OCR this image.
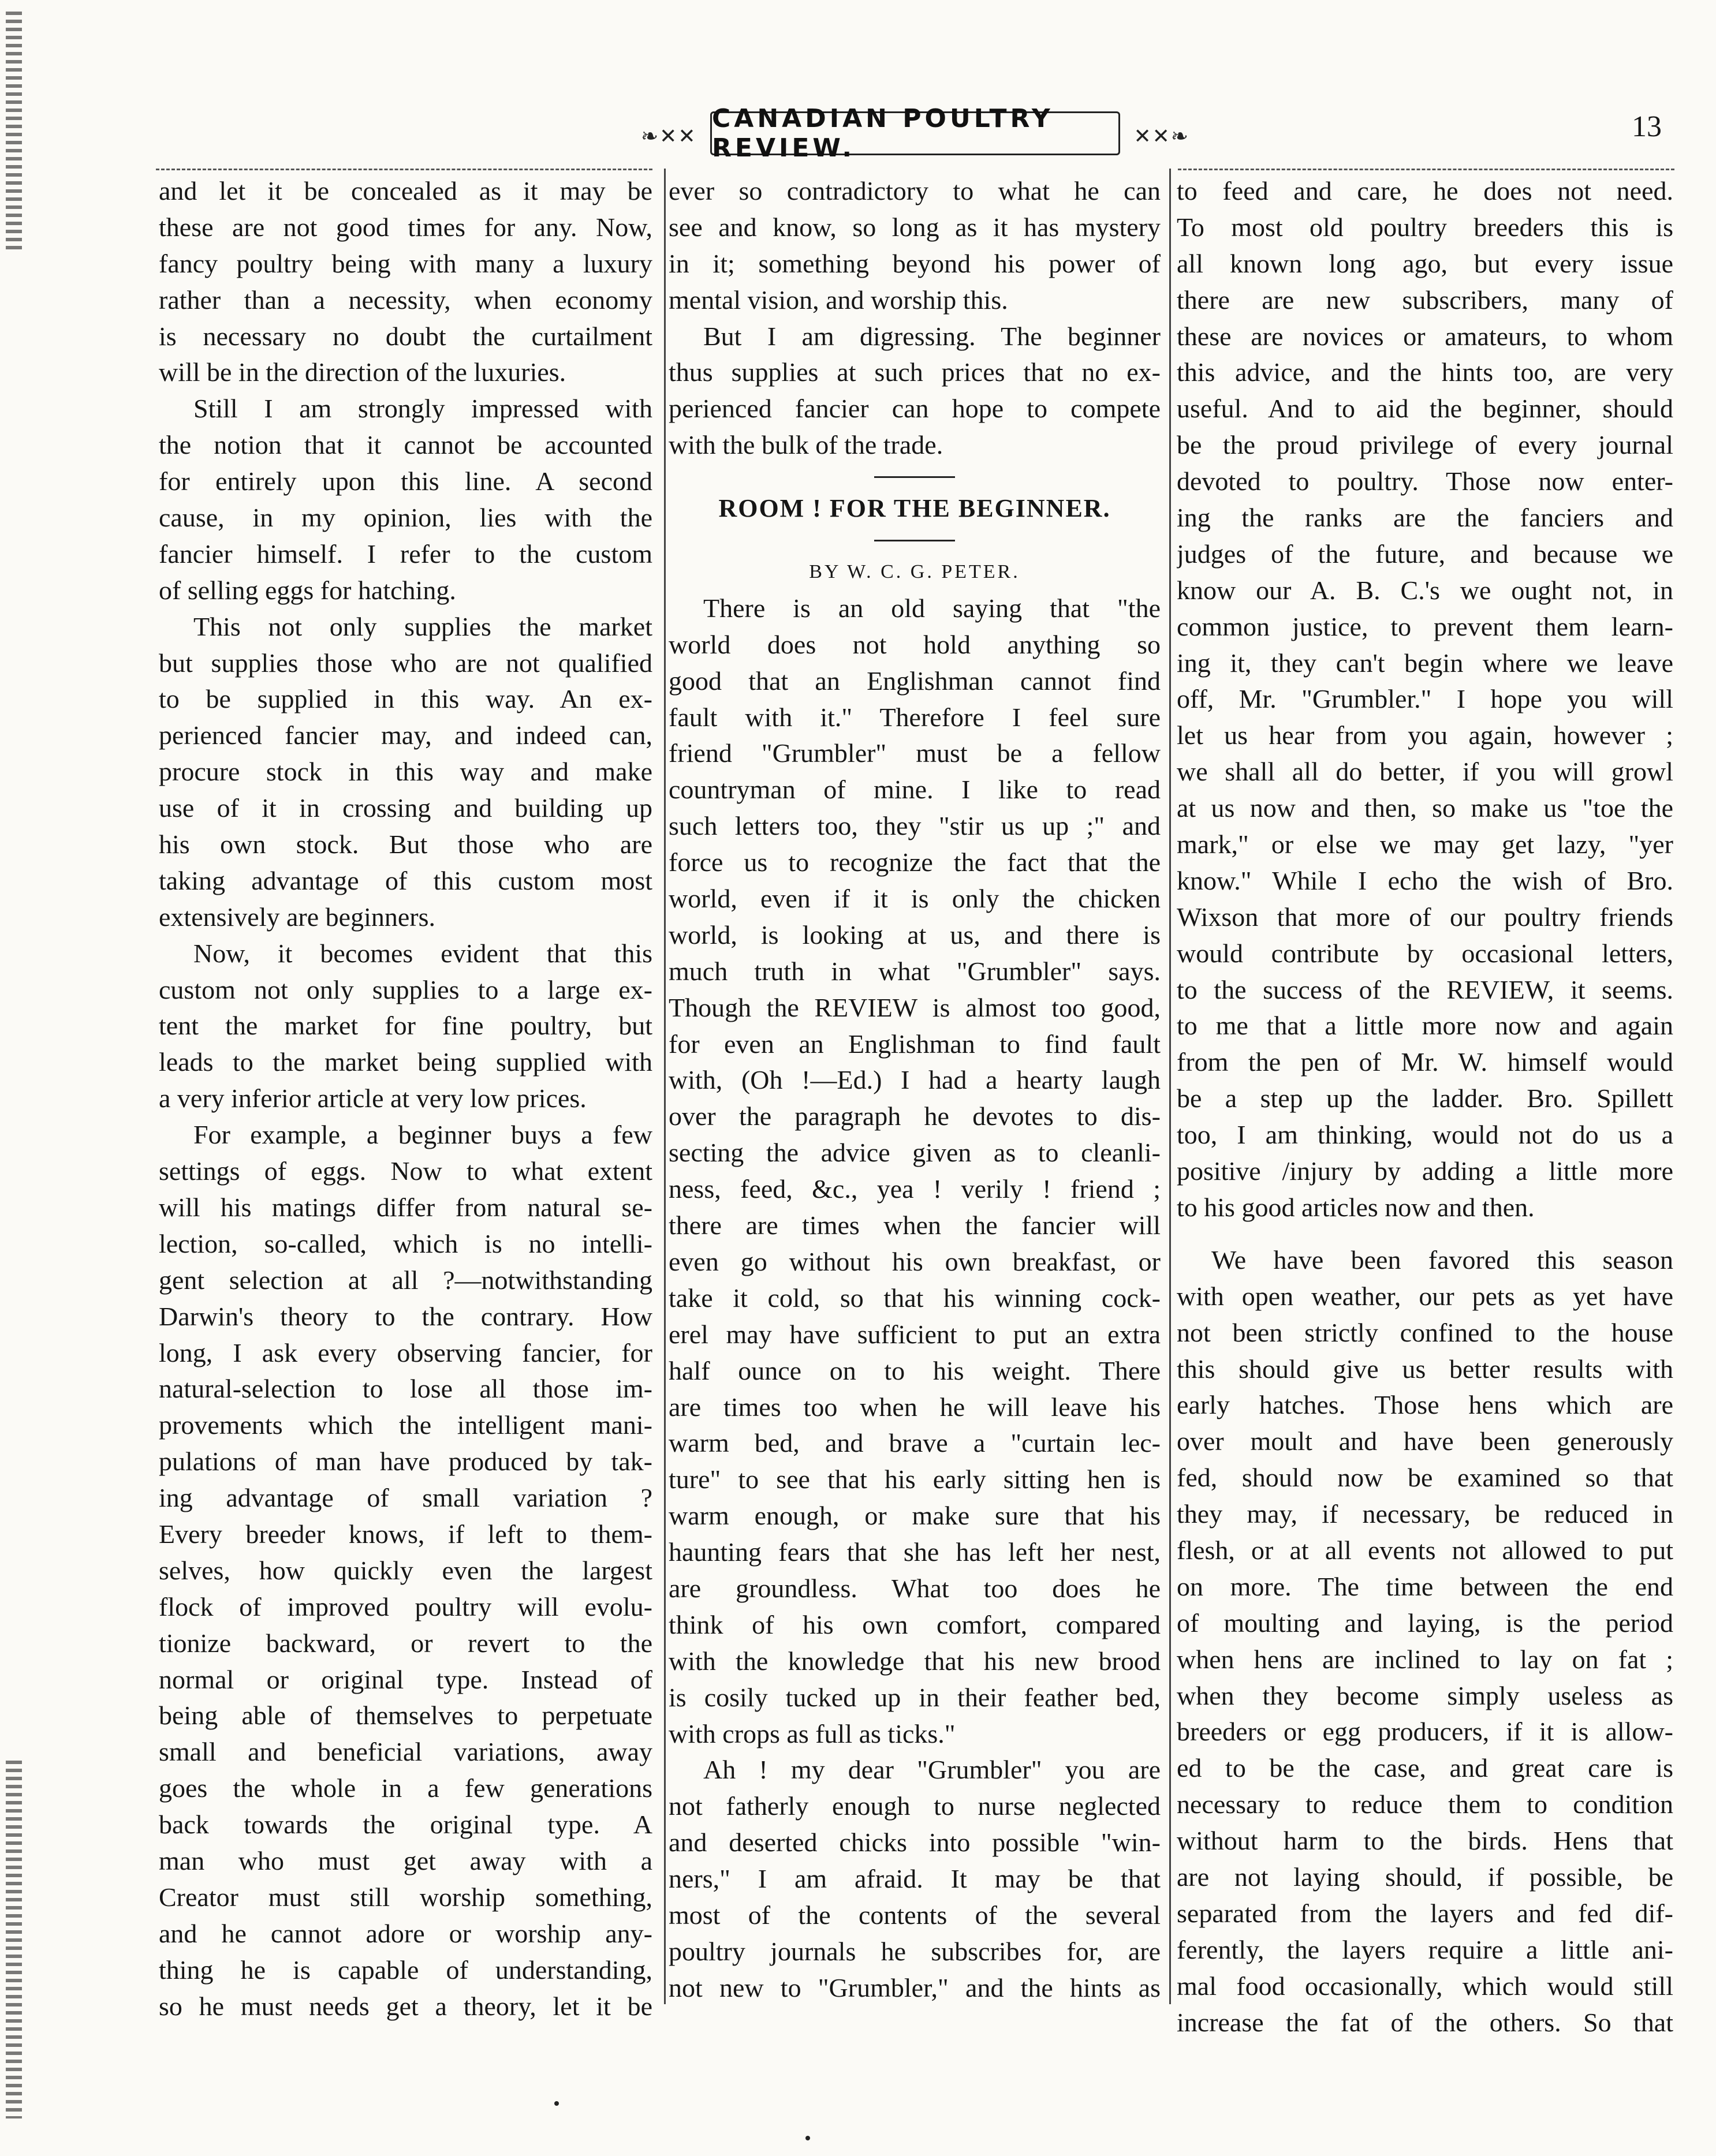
❧✕✕
CANADIAN POULTRY REVIEW.	✕✕❧	13
and let it be concealed as it may be
these are not good times for any. Now,
fancy poultry being with many a luxury
rather than a necessity, when economy
is necessary no doubt the curtailment
will be in the direction of the luxuries.
Still I am strongly impressed with
the notion that it cannot be accounted
for entirely upon this line. A second
cause, in my opinion, lies with the
fancier himself. I refer to the custom
of selling eggs for hatching.
This not only supplies the market
but supplies those who are not qualified
to be supplied in this way. An ex-
perienced fancier may, and indeed can,
procure stock in this way and make
use of it in crossing and building up
his own stock. But those who are
taking advantage of this custom most
extensively are beginners.
Now, it becomes evident that this
custom not only supplies to a large ex-
tent the market for fine poultry, but
leads to the market being supplied with
a very inferior article at very low prices.
For example, a beginner buys a few
settings of eggs. Now to what extent
will his matings differ from natural se-
lection, so-called, which is no intelli-
gent selection at all ?—notwithstanding
Darwin's theory to the contrary. How
long, I ask every observing fancier, for
natural-selection to lose all those im-
provements which the intelligent mani-
pulations of man have produced by tak-
ing advantage of small variation ?
Every breeder knows, if left to them-
selves, how quickly even the largest
flock of improved poultry will evolu-
tionize backward, or revert to the
normal or original type. Instead of
being able of themselves to perpetuate
small and beneficial variations, away
goes the whole in a few generations
back towards the original type. A
man who must get away with a
Creator must still worship something,
and he cannot adore or worship any-
thing he is capable of understanding,
so he must needs get a theory, let it be
ever so contradictory to what he can
see and know, so long as it has mystery
in it; something beyond his power of
mental vision, and worship this.
But I am digressing. The beginner
thus supplies at such prices that no ex-
perienced fancier can hope to compete
with the bulk of the trade.
ROOM ! FOR THE BEGINNER.
BY W. C. G. PETER.
There is an old saying that "the
world does not hold anything so
good that an Englishman cannot find
fault with it." Therefore I feel sure
friend "Grumbler" must be a fellow
countryman of mine. I like to read
such letters too, they "stir us up ;" and
force us to recognize the fact that the
world, even if it is only the chicken
world, is looking at us, and there is
much truth in what "Grumbler" says.
Though the REVIEW is almost too good,
for even an Englishman to find fault
with, (Oh !—Ed.) I had a hearty laugh
over the paragraph he devotes to dis-
secting the advice given as to cleanli-
ness, feed, &c., yea ! verily ! friend ;
there are times when the fancier will
even go without his own breakfast, or
take it cold, so that his winning cock-
erel may have sufficient to put an extra
half ounce on to his weight. There
are times too when he will leave his
warm bed, and brave a "curtain lec-
ture" to see that his early sitting hen is
warm enough, or make sure that his
haunting fears that she has left her nest,
are groundless. What too does he
think of his own comfort, compared
with the knowledge that his new brood
is cosily tucked up in their feather bed,
with crops as full as ticks."
Ah ! my dear "Grumbler" you are
not fatherly enough to nurse neglected
and deserted chicks into possible "win-
ners," I am afraid. It may be that
most of the contents of the several
poultry journals he subscribes for, are
not new to "Grumbler," and the hints as
to feed and care, he does not need.
To most old poultry breeders this is
all known long ago, but every issue
there are new subscribers, many of
these are novices or amateurs, to whom
this advice, and the hints too, are very
useful. And to aid the beginner, should
be the proud privilege of every journal
devoted to poultry. Those now enter-
ing the ranks are the fanciers and
judges of the future, and because we
know our A. B. C.'s we ought not, in
common justice, to prevent them learn-
ing it, they can't begin where we leave
off, Mr. "Grumbler." I hope you will
let us hear from you again, however ;
we shall all do better, if you will growl
at us now and then, so make us "toe the
mark," or else we may get lazy, "yer
know." While I echo the wish of Bro.
Wixson that more of our poultry friends
would contribute by occasional letters,
to the success of the REVIEW, it seems.
to me that a little more now and again
from the pen of Mr. W. himself would
be a step up the ladder. Bro. Spillett
too, I am thinking, would not do us a
positive /injury by adding a little more
to his good articles now and then.
We have been favored this season
with open weather, our pets as yet have
not been strictly confined to the house
this should give us better results with
early hatches. Those hens which are
over moult and have been generously
fed, should now be examined so that
they may, if necessary, be reduced in
flesh, or at all events not allowed to put
on more. The time between the end
of moulting and laying, is the period
when hens are inclined to lay on fat ;
when they become simply useless as
breeders or egg producers, if it is allow-
ed to be the case, and great care is
necessary to reduce them to condition
without harm to the birds. Hens that
are not laying should, if possible, be
separated from the layers and fed dif-
ferently, the layers require a little ani-
mal food occasionally, which would still
increase the fat of the others. So that
